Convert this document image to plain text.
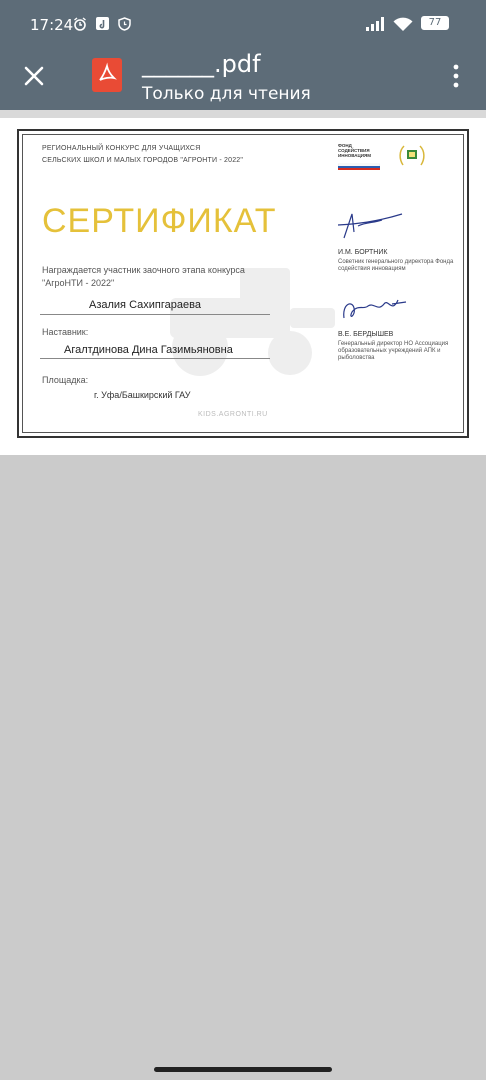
17:24	77
______.pdf
Только для чтения
РЕГИОНАЛЬНЫЙ КОНКУРС ДЛЯ УЧАЩИХСЯ
СЕЛЬСКИХ ШКОЛ И МАЛЫХ ГОРОДОВ "АГРОНТИ - 2022"
ФОНД СОДЕЙСТВИЯ ИННОВАЦИЯМ
СЕРТИФИКАТ
Награждается участник заочного этапа конкурса
"АгроНТИ - 2022"
Азалия Сахипгараева
Наставник:
Агалтдинова Дина Газимьяновна
Площадка:
г. Уфа/Башкирский ГАУ
И.М. БОРТНИК
Советник генерального директора Фонда содействия инновациям
В.Е. БЕРДЫШЕВ
Генеральный директор НО Ассоциация образовательных учреждений АПК и рыболовства
KIDS.AGRONTI.RU
